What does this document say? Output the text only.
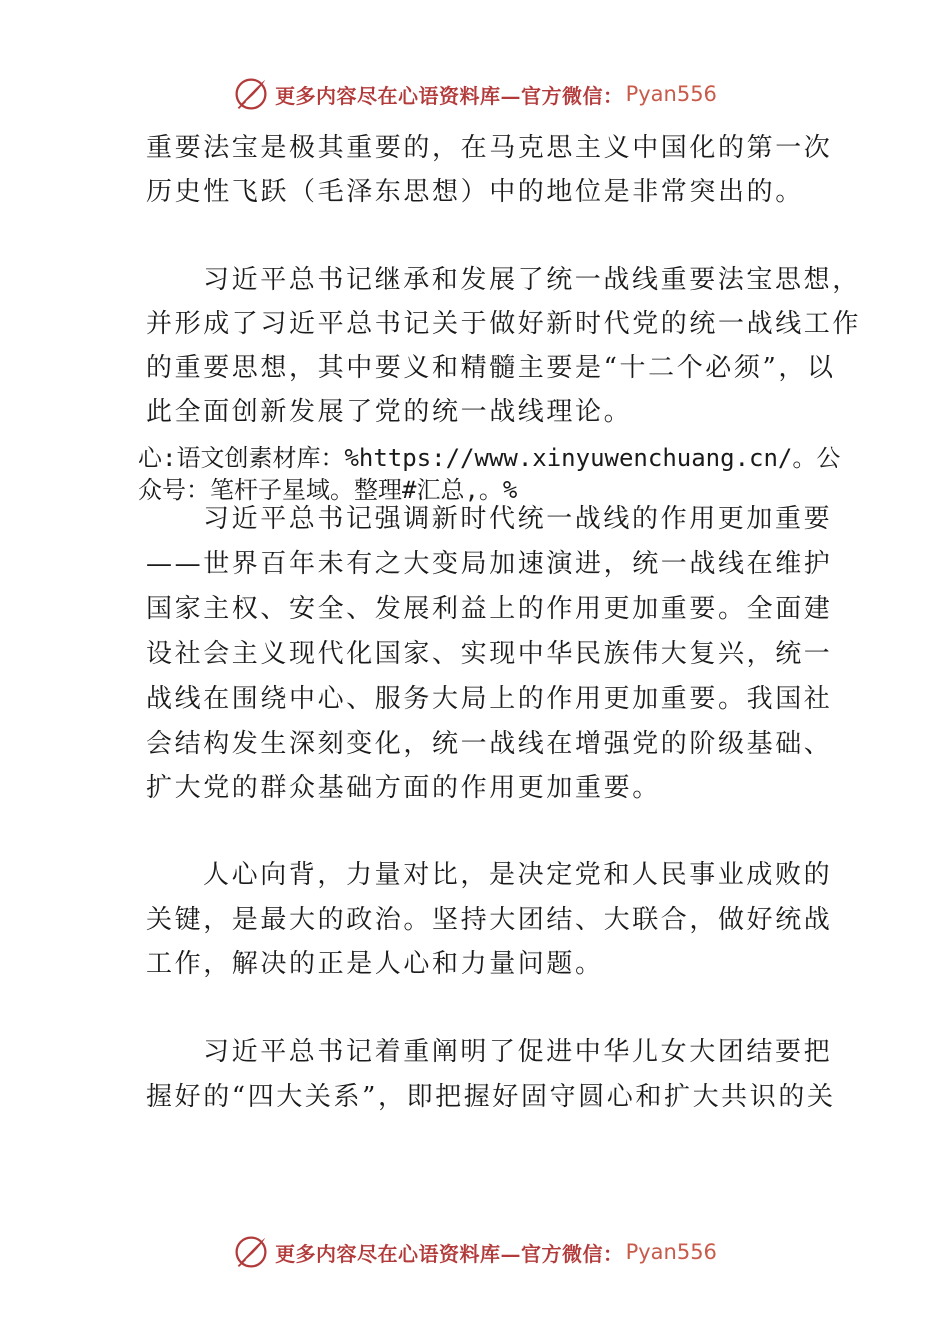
更多内容尽在心语资料库—官方微信： Pyan556
重要法宝是极其重要的，在马克思主义中国化的第一次
历史性飞跃（毛泽东思想）中的地位是非常突出的。
习近平总书记继承和发展了统一战线重要法宝思想，
并形成了习近平总书记关于做好新时代党的统一战线工作
的重要思想，其中要义和精髓主要是“十二个必须”，以
此全面创新发展了党的统一战线理论。
心:语文创素材库：%https://www.xinyuwenchuang.cn/。公
众号：笔杆子星域。整理#汇总,。%
习近平总书记强调新时代统一战线的作用更加重要
——世界百年未有之大变局加速演进，统一战线在维护
国家主权、安全、发展利益上的作用更加重要。全面建
设社会主义现代化国家、实现中华民族伟大复兴，统一
战线在围绕中心、服务大局上的作用更加重要。我国社
会结构发生深刻变化，统一战线在增强党的阶级基础、
扩大党的群众基础方面的作用更加重要。
人心向背，力量对比，是决定党和人民事业成败的
关键，是最大的政治。坚持大团结、大联合，做好统战
工作，解决的正是人心和力量问题。
习近平总书记着重阐明了促进中华儿女大团结要把
握好的“四大关系”，即把握好固守圆心和扩大共识的关
更多内容尽在心语资料库—官方微信： Pyan556
